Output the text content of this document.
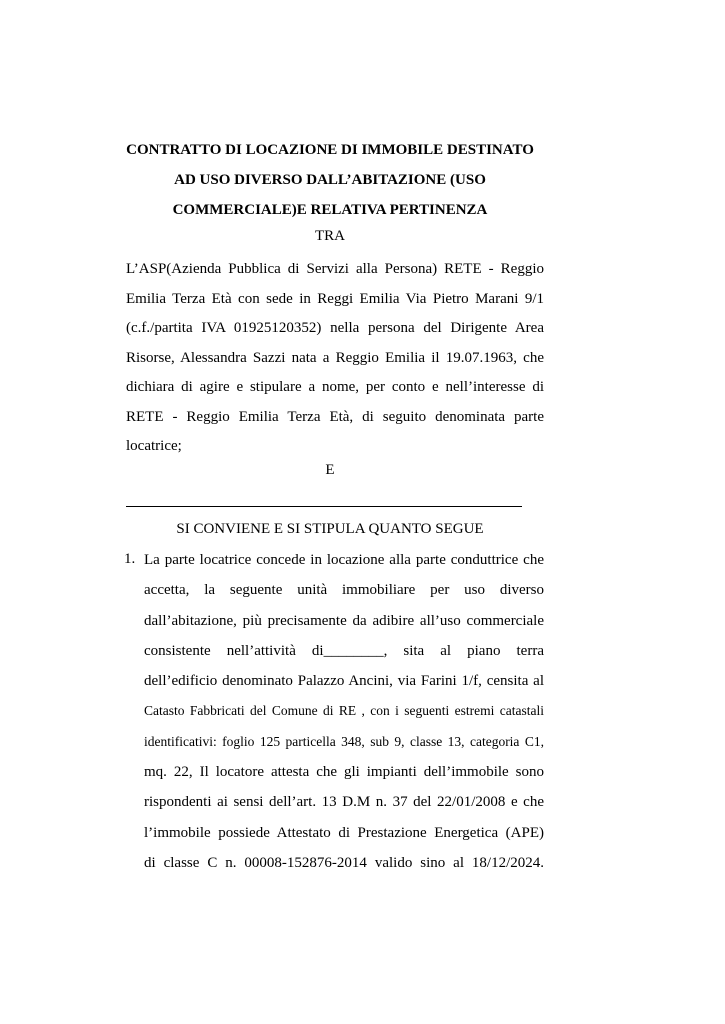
CONTRATTO DI LOCAZIONE DI IMMOBILE DESTINATO
AD USO DIVERSO DALL’ABITAZIONE (USO
COMMERCIALE)E RELATIVA PERTINENZA
TRA
L’ASP(Azienda Pubblica di Servizi alla Persona) RETE - Reggio
Emilia Terza Età con sede in Reggi Emilia Via Pietro Marani 9/1
(c.f./partita IVA 01925120352) nella persona del Dirigente Area
Risorse, Alessandra Sazzi nata a Reggio Emilia il 19.07.1963, che
dichiara di agire e stipulare a nome, per conto e nell’interesse di
RETE - Reggio Emilia Terza Età, di seguito denominata parte
locatrice;
E
SI CONVIENE E SI STIPULA QUANTO SEGUE
1. La parte locatrice concede in locazione alla parte conduttrice che
accetta, la seguente unità immobiliare per uso diverso
dall’abitazione, più precisamente da adibire all’uso commerciale
consistente nell’attività di________, sita al piano terra
dell’edificio denominato Palazzo Ancini, via Farini 1/f, censita al
Catasto Fabbricati del Comune di RE , con i seguenti estremi catastali
identificativi: foglio 125 particella 348, sub 9, classe 13, categoria C1,
mq. 22, Il locatore attesta che gli impianti dell’immobile sono
rispondenti ai sensi dell’art. 13 D.M n. 37 del 22/01/2008 e che
l’immobile possiede Attestato di Prestazione Energetica (APE)
di classe C n. 00008-152876-2014 valido sino al 18/12/2024.
